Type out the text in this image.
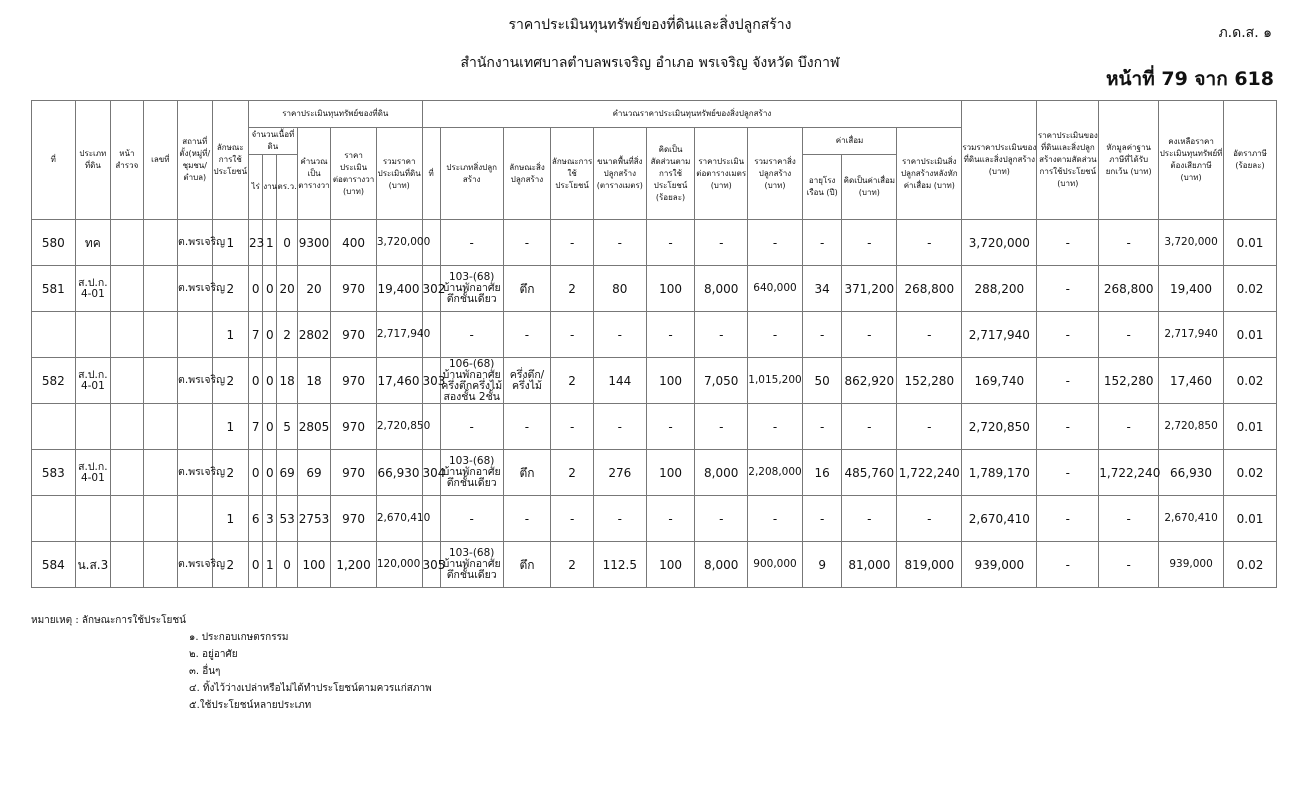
ราคาประเมินทุนทรัพย์ของที่ดินและสิ่งปลูกสร้าง	ภ.ด.ส. ๑
สำนักงานเทศบาลตำบลพรเจริญ อำเภอ พรเจริญ จังหวัด บึงกาฬ
หน้าที่ 79 จาก 618
ที่	ประเภทที่ดิน	หน้าสำรวจ	เลขที่	สถานที่ตั้ง(หมู่ที่/ชุมชน/ตำบล)	ลักษณะการใช้ประโยชน์	ราคาประเมินทุนทรัพย์ของที่ดิน						คำนวณราคาประเมินทุนทรัพย์ของสิ่งปลูกสร้าง											รวมราคาประเมินของที่ดินและสิ่งปลูกสร้าง (บาท)	ราคาประเมินของที่ดินและสิ่งปลูกสร้างตามสัดส่วนการใช้ประโยชน์ (บาท)	หักมูลค่าฐานภาษีที่ได้รับยกเว้น (บาท)	คงเหลือราคาประเมินทุนทรัพย์ที่ต้องเสียภาษี (บาท)	อัตราภาษี (ร้อยละ)
						จำนวนเนื้อที่ดิน			คำนวณเป็นตารางวา	ราคาประเมินต่อตารางวา (บาท)	รวมราคาประเมินที่ดิน (บาท)	ที่	ประเภทสิ่งปลูกสร้าง	ลักษณะสิ่งปลูกสร้าง	ลักษณะการใช้ประโยชน์	ขนาดพื้นที่สิ่งปลูกสร้าง (ตารางเมตร)	คิดเป็นสัดส่วนตามการใช้ประโยชน์ (ร้อยละ)	ราคาประเมินต่อตารางเมตร (บาท)	รวมราคาสิ่งปลูกสร้าง (บาท)	ค่าเสื่อม		ราคาประเมินสิ่งปลูกสร้างหลังหักค่าเสื่อม (บาท)					
						ไร่	งาน	ตร.ว.												อายุโรงเรือน (ปี)	คิดเป็นค่าเสื่อม (บาท)						
580	ทค			ต.พรเจริญ	1	23	1	0	9300	400	3,720,000		-	-	-	-	-	-	-	-	-	-	3,720,000	-	-	3,720,000	0.01
581	ส.ป.ก. 4-01			ต.พรเจริญ	2	0	0	20	20	970	19,400	302	103-(68) บ้านพักอาศัยตึกชั้นเดียว	ตึก	2	80	100	8,000	640,000	34	371,200	268,800	288,200	-	268,800	19,400	0.02
					1	7	0	2	2802	970	2,717,940		-	-	-	-	-	-	-	-	-	-	2,717,940	-	-	2,717,940	0.01
582	ส.ป.ก. 4-01			ต.พรเจริญ	2	0	0	18	18	970	17,460	303	106-(68) บ้านพักอาศัยครึ่งตึกครึ่งไม้สองชั้น 2ชั้น	ครึ่งตึก/ครึ่งไม้	2	144	100	7,050	1,015,200	50	862,920	152,280	169,740	-	152,280	17,460	0.02
					1	7	0	5	2805	970	2,720,850		-	-	-	-	-	-	-	-	-	-	2,720,850	-	-	2,720,850	0.01
583	ส.ป.ก. 4-01			ต.พรเจริญ	2	0	0	69	69	970	66,930	304	103-(68) บ้านพักอาศัยตึกชั้นเดียว	ตึก	2	276	100	8,000	2,208,000	16	485,760	1,722,240	1,789,170	-	1,722,240	66,930	0.02
					1	6	3	53	2753	970	2,670,410		-	-	-	-	-	-	-	-	-	-	2,670,410	-	-	2,670,410	0.01
584	น.ส.3			ต.พรเจริญ	2	0	1	0	100	1,200	120,000	305	103-(68) บ้านพักอาศัยตึกชั้นเดียว	ตึก	2	112.5	100	8,000	900,000	9	81,000	819,000	939,000	-	-	939,000	0.02
หมายเหตุ : ลักษณะการใช้ประโยชน์
๑. ประกอบเกษตรกรรม
๒. อยู่อาศัย
๓. อื่นๆ
๔. ทิ้งไว้ว่างเปล่าหรือไม่ได้ทำประโยชน์ตามควรแก่สภาพ
๕.ใช้ประโยชน์หลายประเภท
